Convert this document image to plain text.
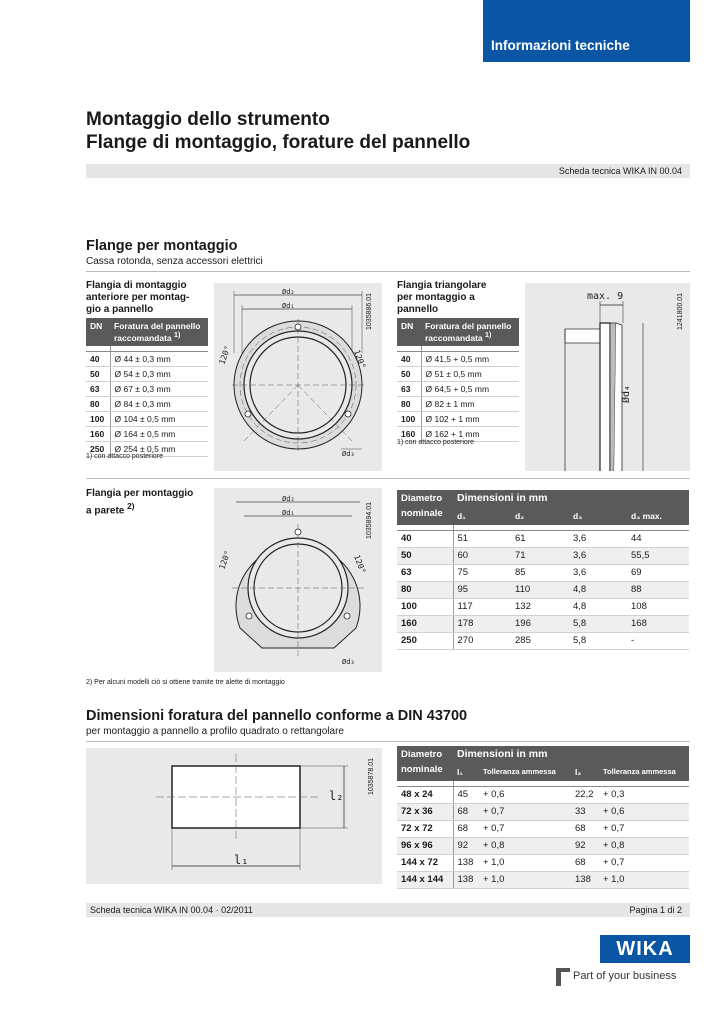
Informazioni tecniche
Montaggio dello strumento
Flange di montaggio, forature del pannello
Scheda tecnica WIKA IN 00.04
Flange per montaggio
Cassa rotonda, senza accessori elettrici
Flangia di montaggio
anteriore per montag-
gio a pannello
DN	Foratura del pannello
raccomandata $^{1)}$

40	Ø 44 ± 0,3 mm
50	Ø 54 ± 0,3 mm
63	Ø 67 ± 0,3 mm
80	Ø 84 ± 0,3 mm
100	Ø 104 ± 0,5 mm
160	Ø 164 ± 0,5 mm
250	Ø 254 ± 0,5 mm
1) con attacco posteriore
Ød₂
Ød₁
120°	120°
Ød₃
1035886.01
Flangia triangolare
per montaggio a
pannello
DN	Foratura del pannello
raccomandata $^{1)}$

40	Ø 41,5 + 0,5 mm
50	Ø 51 ± 0,5 mm
63	Ø 64,5 + 0,5 mm
80	Ø 82 ± 1 mm
100	Ø 102 + 1 mm
160	Ø 162 + 1 mm
1) con attacco posteriore
max. 9
Ød₄
1241800.01
Flangia per montaggio
a parete $^{2)}$
Ød₂
Ød₁
120°	120°
Ød₃
1035894.01
Diametro	Dimensioni in mm			
nominale	d₁	d₂	d₃	d₄ max.

40	51	61	3,6	44
50	60	71	3,6	55,5
63	75	85	3,6	69
80	95	110	4,8	88
100	117	132	4,8	108
160	178	196	5,8	168
250	270	285	5,8	-
2) Per alcuni modelli ciò si ottiene tramite tre alette di montaggio
Dimensioni foratura del pannello conforme a DIN 43700
per montaggio a pannello a profilo quadrato o rettangolare
l₁
l₂
1035878.01
Diametro	Dimensioni in mm			
nominale	l₁	Tolleranza ammessa	l₂	Tolleranza ammessa

48 x 24	45	+ 0,6	22,2	+ 0,3
72 x 36	68	+ 0,7	33	+ 0,6
72 x 72	68	+ 0,7	68	+ 0,7
96 x 96	92	+ 0,8	92	+ 0,8
144 x 72	138	+ 1,0	68	+ 0,7
144 x 144	138	+ 1,0	138	+ 1,0
Scheda tecnica WIKA IN 00.04 · 02/2011	Pagina 1 di 2
WIKA
Part of your business
